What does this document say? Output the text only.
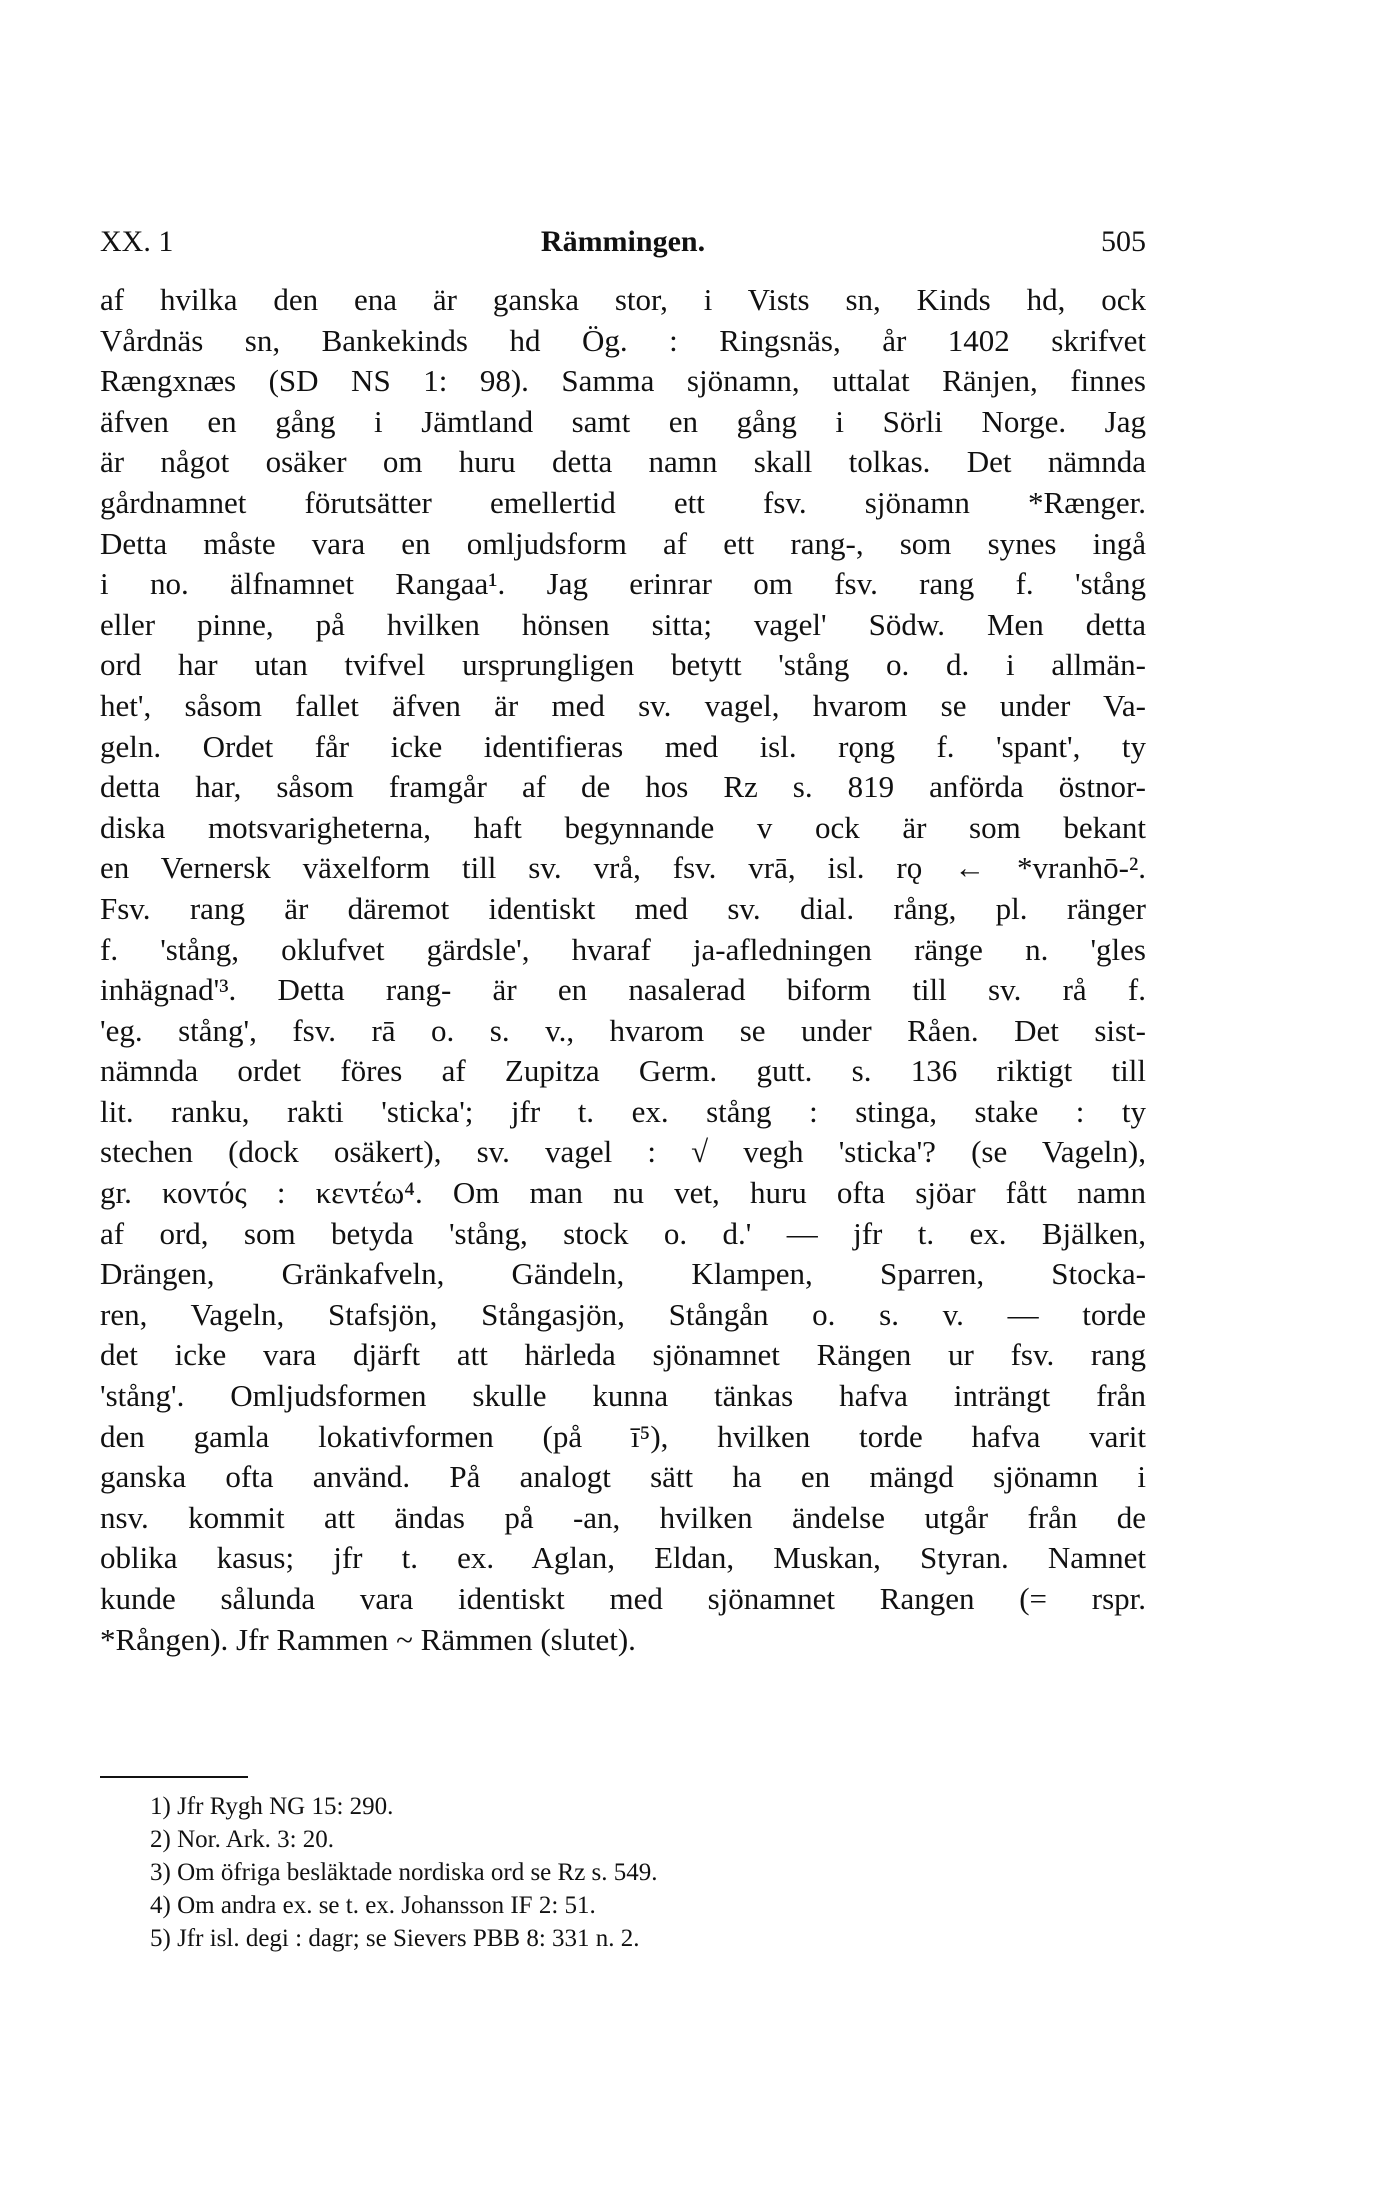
XX. 1	Rämmingen.	505
af hvilka den ena är ganska stor, i Vists sn, Kinds hd, ock
Vårdnäs sn, Bankekinds hd Ög. : Ringsnäs, år 1402 skrifvet
Rængxnæs (SD NS 1: 98). Samma sjönamn, uttalat Ränjen, finnes
äfven en gång i Jämtland samt en gång i Sörli Norge. Jag
är något osäker om huru detta namn skall tolkas. Det nämnda
gårdnamnet förutsätter emellertid ett fsv. sjönamn *Rænger.
Detta måste vara en omljudsform af ett rang-, som synes ingå
i no. älfnamnet Rangaa¹. Jag erinrar om fsv. rang f. 'stång
eller pinne, på hvilken hönsen sitta; vagel' Södw. Men detta
ord har utan tvifvel ursprungligen betytt 'stång o. d. i allmän-
het', såsom fallet äfven är med sv. vagel, hvarom se under Va-
geln. Ordet får icke identifieras med isl. rǫng f. 'spant', ty
detta har, såsom framgår af de hos Rz s. 819 anförda östnor-
diska motsvarigheterna, haft begynnande v ock är som bekant
en Vernersk växelform till sv. vrå, fsv. vrā, isl. rǫ ← *vranhō-².
Fsv. rang är däremot identiskt med sv. dial. rång, pl. ränger
f. 'stång, oklufvet gärdsle', hvaraf ja-afledningen ränge n. 'gles
inhägnad'³. Detta rang- är en nasalerad biform till sv. rå f.
'eg. stång', fsv. rā o. s. v., hvarom se under Råen. Det sist-
nämnda ordet föres af Zupitza Germ. gutt. s. 136 riktigt till
lit. ranku, rakti 'sticka'; jfr t. ex. stång : stinga, stake : ty
stechen (dock osäkert), sv. vagel : √ vegh 'sticka'? (se Vageln),
gr. κοντός : κεντέω⁴. Om man nu vet, huru ofta sjöar fått namn
af ord, som betyda 'stång, stock o. d.' — jfr t. ex. Bjälken,
Drängen, Gränkafveln, Gändeln, Klampen, Sparren, Stocka-
ren, Vageln, Stafsjön, Stångasjön, Stångån o. s. v. — torde
det icke vara djärft att härleda sjönamnet Rängen ur fsv. rang
'stång'. Omljudsformen skulle kunna tänkas hafva inträngt från
den gamla lokativformen (på ī⁵), hvilken torde hafva varit
ganska ofta använd. På analogt sätt ha en mängd sjönamn i
nsv. kommit att ändas på -an, hvilken ändelse utgår från de
oblika kasus; jfr t. ex. Aglan, Eldan, Muskan, Styran. Namnet
kunde sålunda vara identiskt med sjönamnet Rangen (= rspr.
*Rången). Jfr Rammen ~ Rämmen (slutet).
1) Jfr Rygh NG 15: 290.
2) Nor. Ark. 3: 20.
3) Om öfriga besläktade nordiska ord se Rz s. 549.
4) Om andra ex. se t. ex. Johansson IF 2: 51.
5) Jfr isl. degi : dagr; se Sievers PBB 8: 331 n. 2.
